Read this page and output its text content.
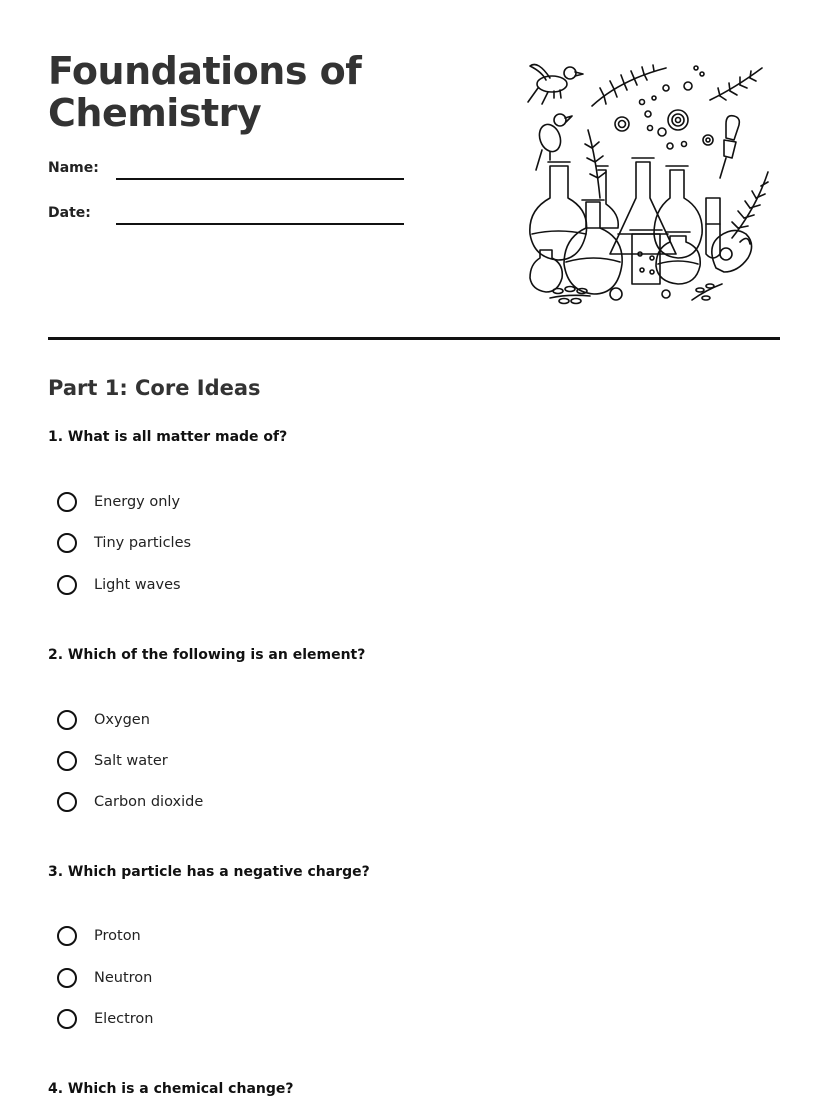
Foundations of Chemistry
Name:
Date:
Part 1: Core Ideas

1. What is all matter made of?

Energy only
Tiny particles
Light waves

2. Which of the following is an element?

Oxygen
Salt water
Carbon dioxide

3. Which particle has a negative charge?

Proton
Neutron
Electron

4. Which is a chemical change?
